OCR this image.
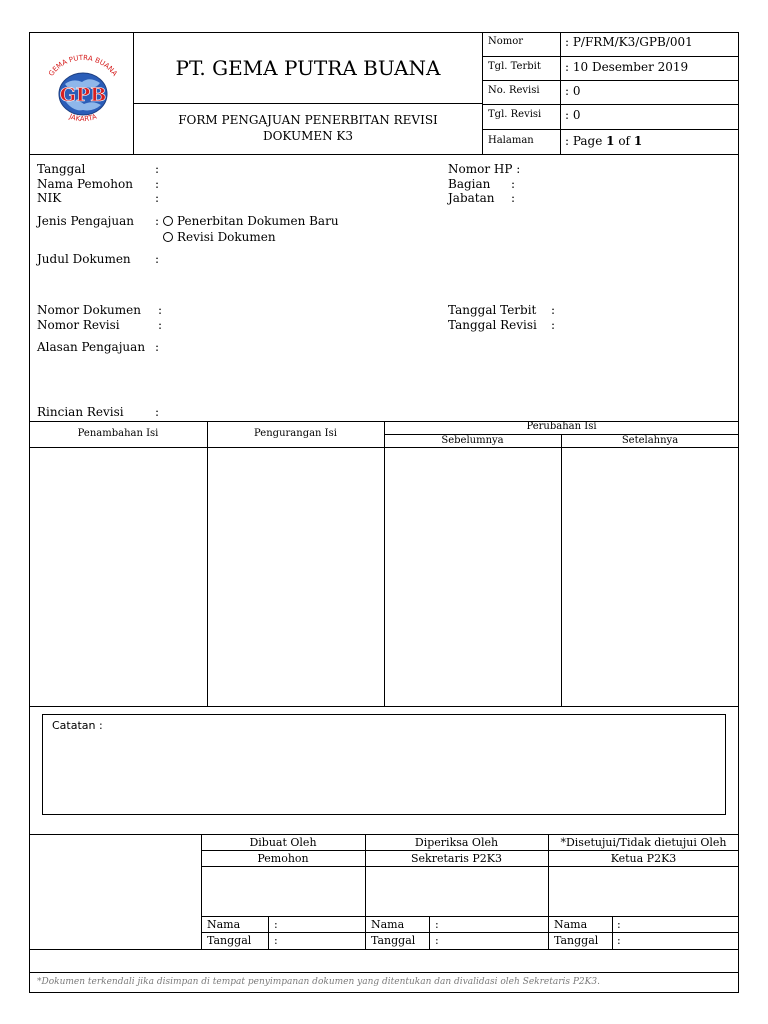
GPB
GEMA PUTRA BUANA
JAKARTA
PT. GEMA PUTRA BUANA
FORM PENGAJUAN PENERBITAN REVISI DOKUMEN K3
Nomor	: P/FRM/K3/GPB/001
Tgl. Terbit : 10 Desember 2019
No. Revisi : 0
Tgl. Revisi : 0
Halaman	: Page 1 of 1
Tanggal	:
Nama Pemohon :
NIK	:
Nomor HP :
Bagian :
Jabatan :
Jenis Pengajuan :	Penerbitan Dokumen Baru
Revisi Dokumen
Judul Dokumen :
Nomor Dokumen :
Nomor Revisi	:
Tanggal Terbit :
Tanggal Revisi :
Alasan Pengajuan :
Rincian Revisi	:
Penambahan Isi	Pengurangan Isi
Perubahan Isi
Sebelumnya	Setelahnya
Catatan :
Dibuat Oleh	Diperiksa Oleh	*Disetujui/Tidak dietujui Oleh
Pemohon	Sekretaris P2K3	Ketua P2K3
Nama	:
Tanggal :
Nama	:
Tanggal :
Nama	:
Tanggal :
*Dokumen terkendali jika disimpan di tempat penyimpanan dokumen yang ditentukan dan divalidasi oleh Sekretaris P2K3.
